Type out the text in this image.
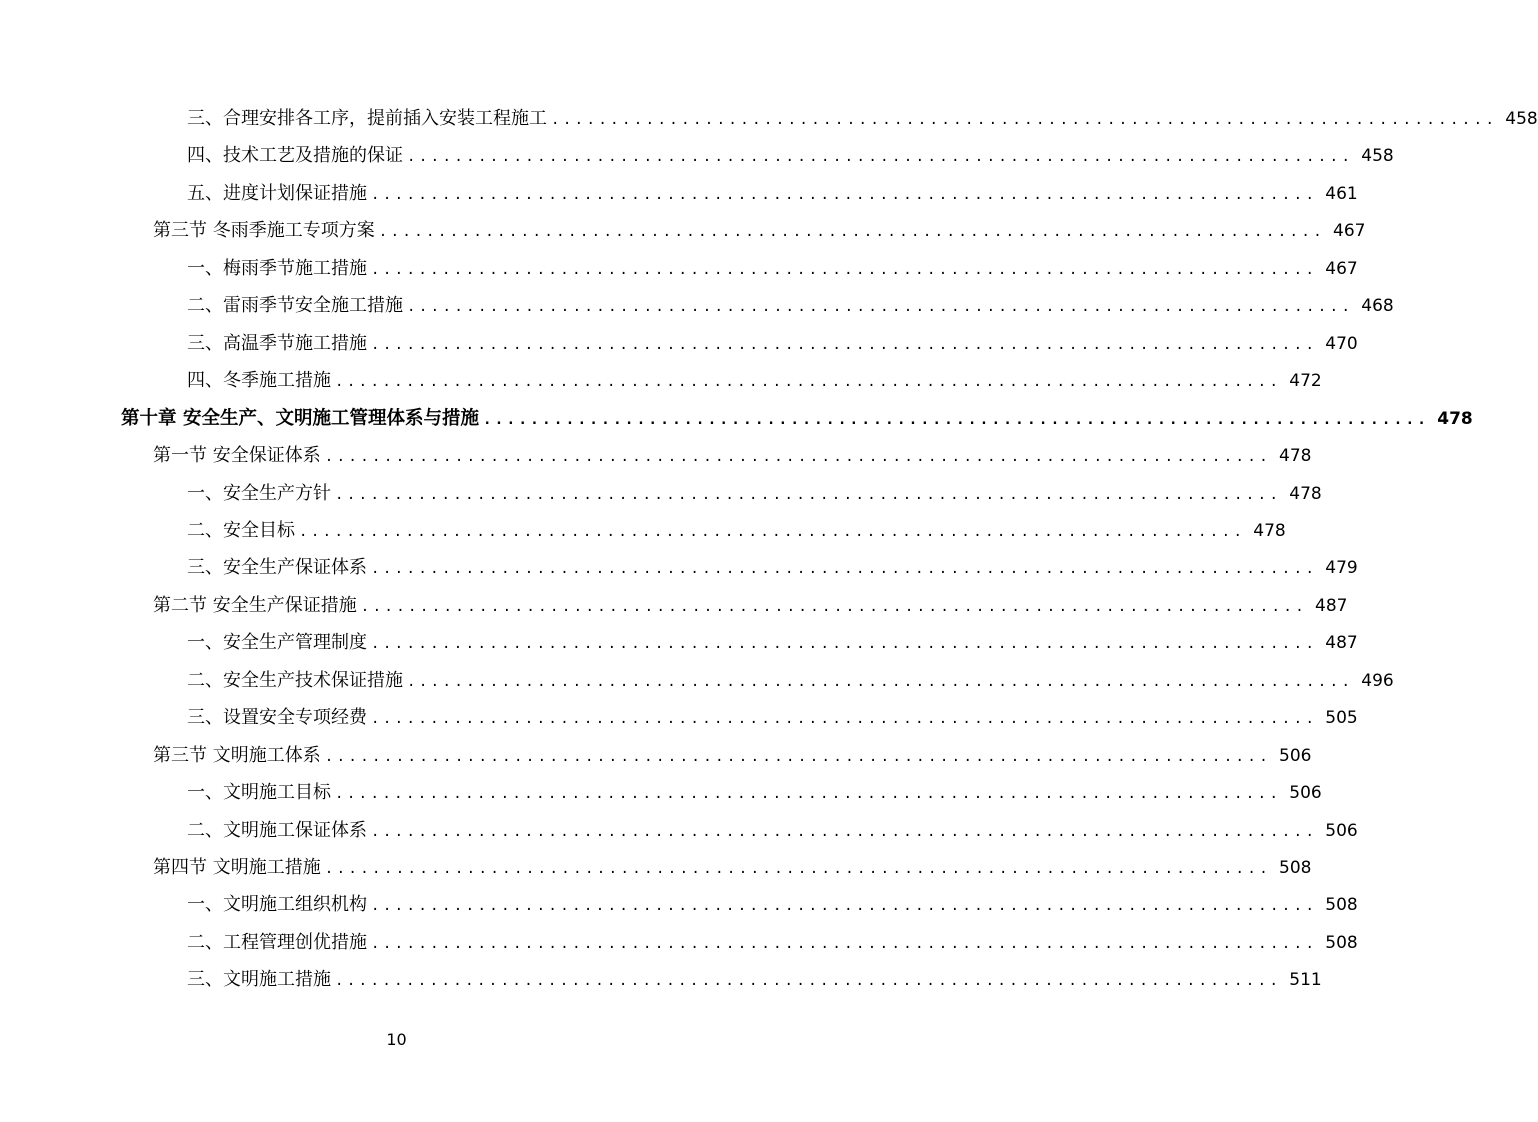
三、合理安排各工序，提前插入安装工程施工 ................................................................................ 458
四、技术工艺及措施的保证 ................................................................................ 458
五、进度计划保证措施 ................................................................................ 461
第三节 冬雨季施工专项方案 ................................................................................ 467
一、梅雨季节施工措施 ................................................................................ 467
二、雷雨季节安全施工措施 ................................................................................ 468
三、高温季节施工措施 ................................................................................ 470
四、冬季施工措施 ................................................................................ 472
第十章 安全生产、文明施工管理体系与措施 ................................................................................ 478
第一节 安全保证体系 ................................................................................ 478
一、安全生产方针 ................................................................................ 478
二、安全目标 ................................................................................ 478
三、安全生产保证体系 ................................................................................ 479
第二节 安全生产保证措施 ................................................................................ 487
一、安全生产管理制度 ................................................................................ 487
二、安全生产技术保证措施 ................................................................................ 496
三、设置安全专项经费 ................................................................................ 505
第三节 文明施工体系 ................................................................................ 506
一、文明施工目标 ................................................................................ 506
二、文明施工保证体系 ................................................................................ 506
第四节 文明施工措施 ................................................................................ 508
一、文明施工组织机构 ................................................................................ 508
二、工程管理创优措施 ................................................................................ 508
三、文明施工措施 ................................................................................ 511
10
